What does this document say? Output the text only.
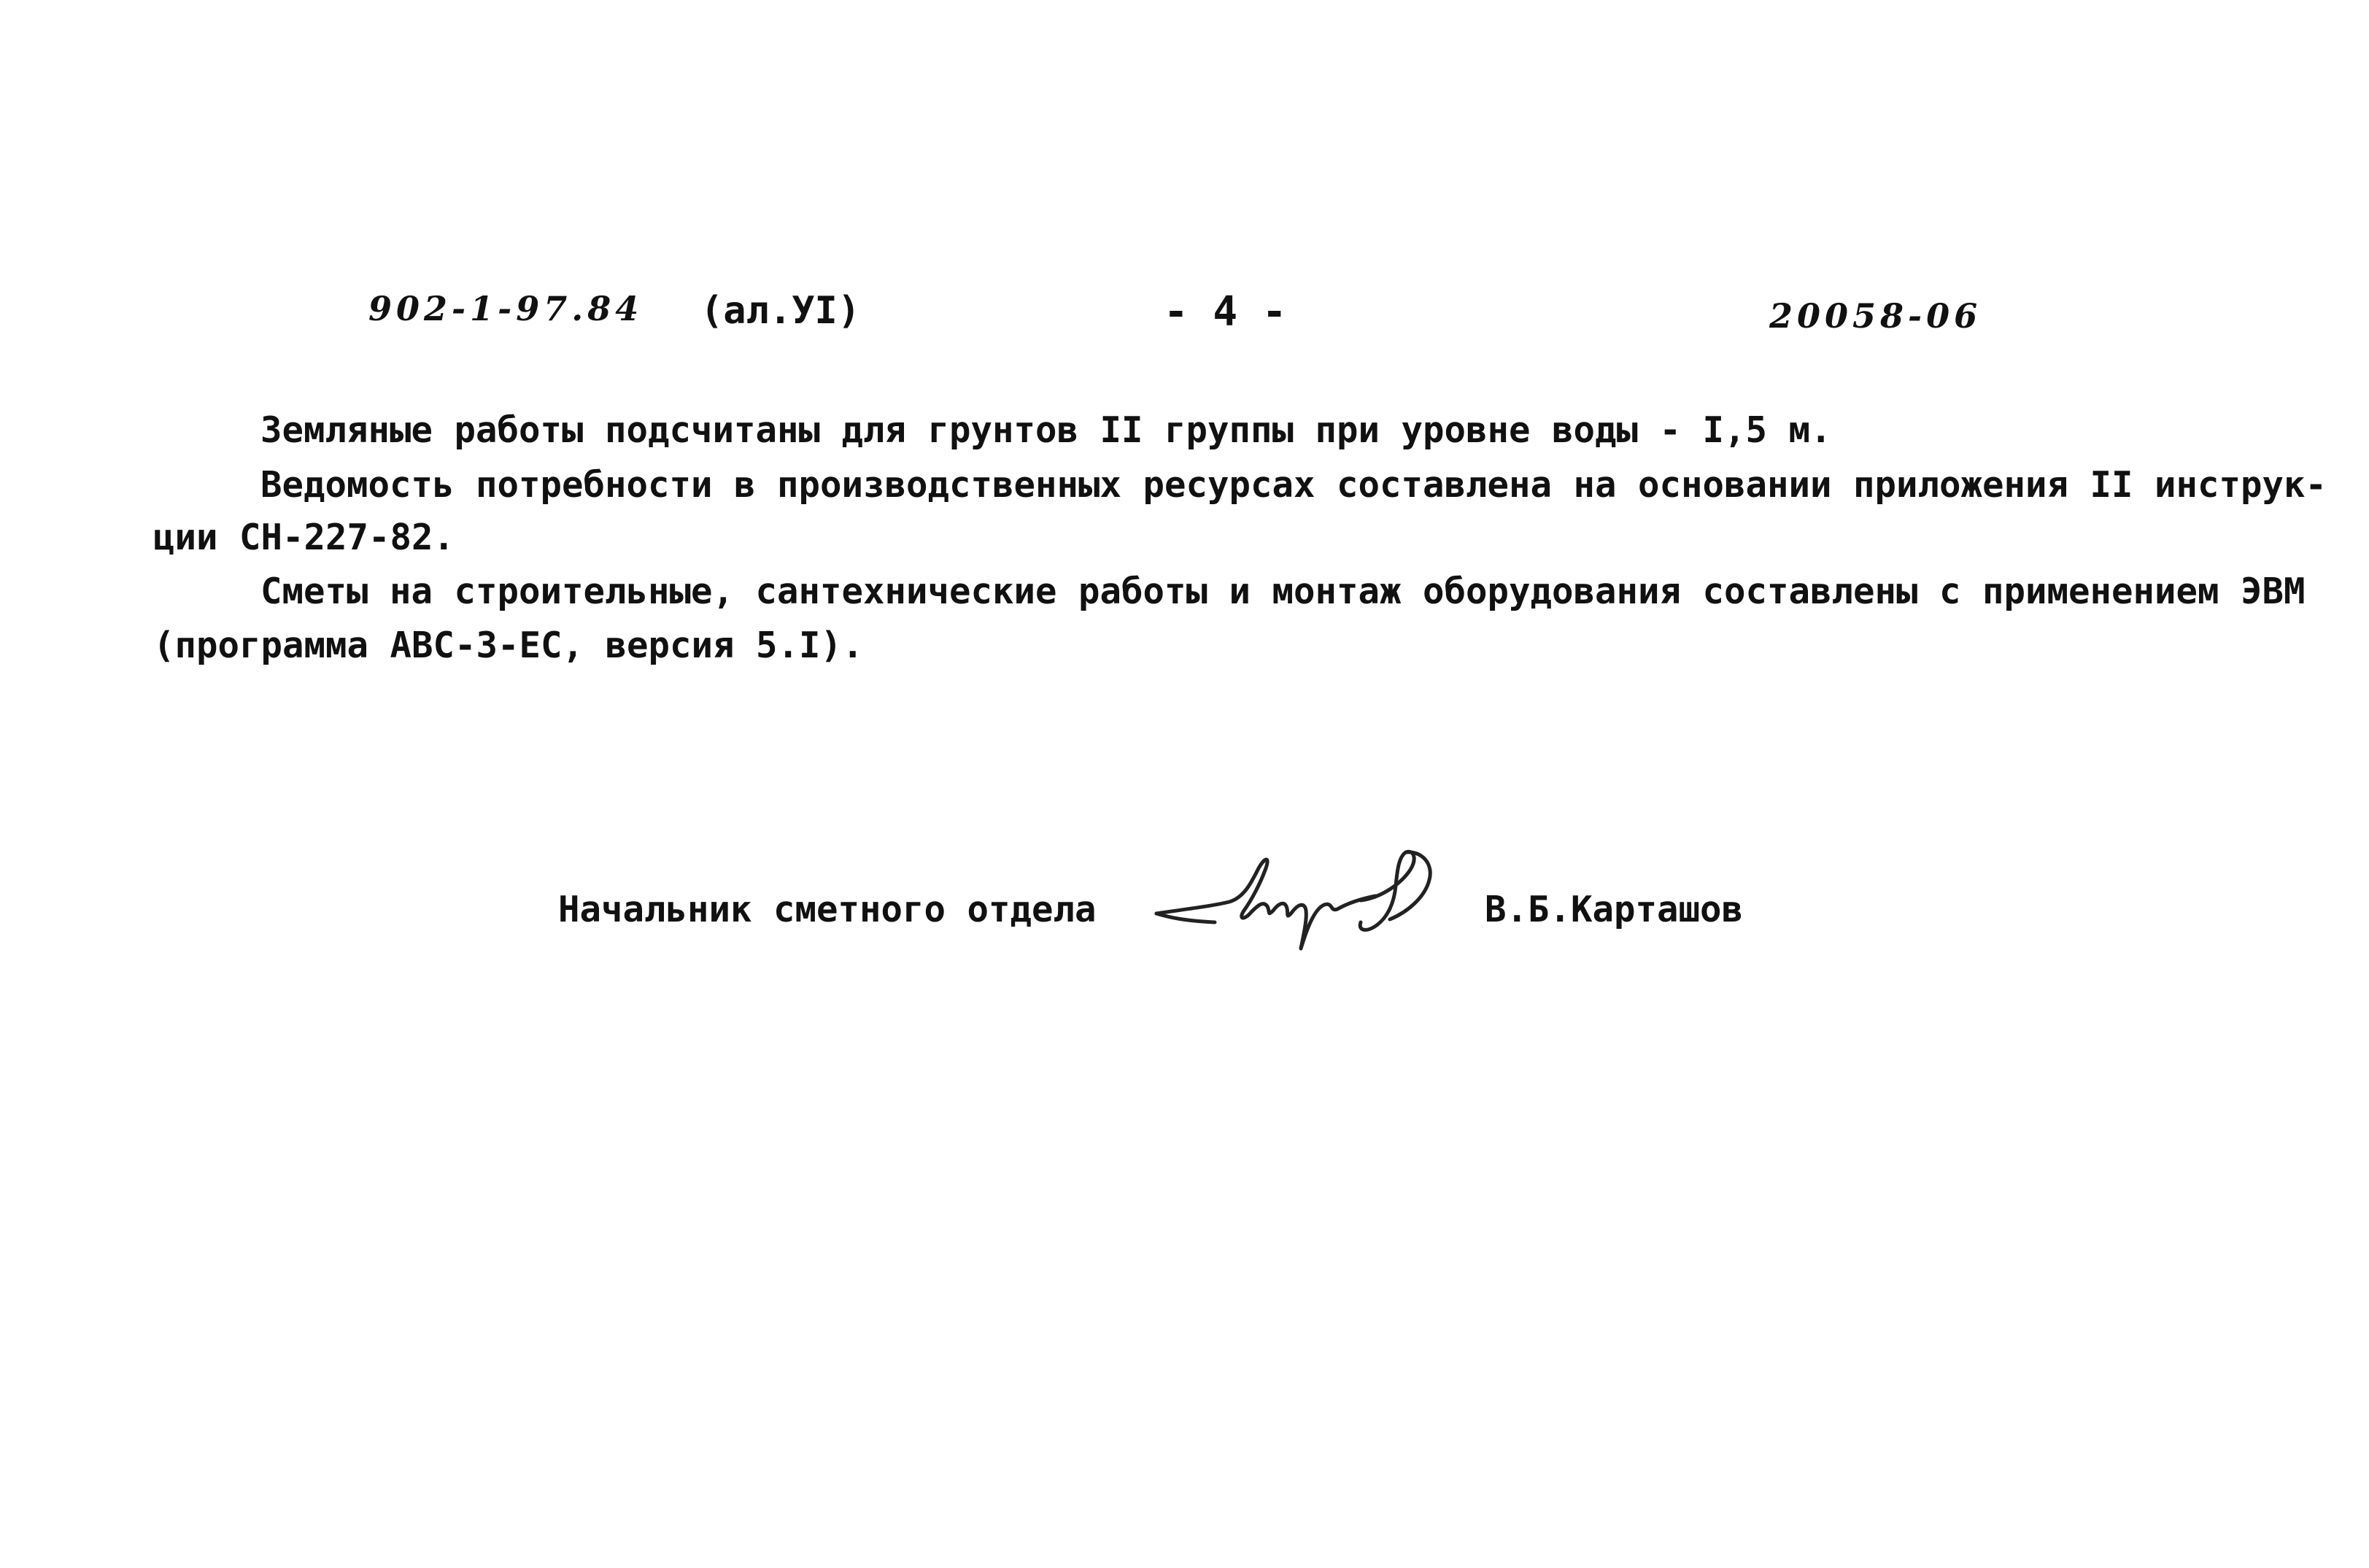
902-1-97.84 (ал.УI)	- 4 -	20058-06

Земляные работы подсчитаны для грунтов II группы при уровне воды - I,5 м.

Ведомость потребности в производственных ресурсах составлена на основании приложения II инструк-

ции СН-227-82.

Сметы на строительные, сантехнические работы и монтаж оборудования составлены с применением ЭВМ

(программа АВС-3-ЕС, версия 5.I).

Начальник сметного отдела	В.Б.Карташов
